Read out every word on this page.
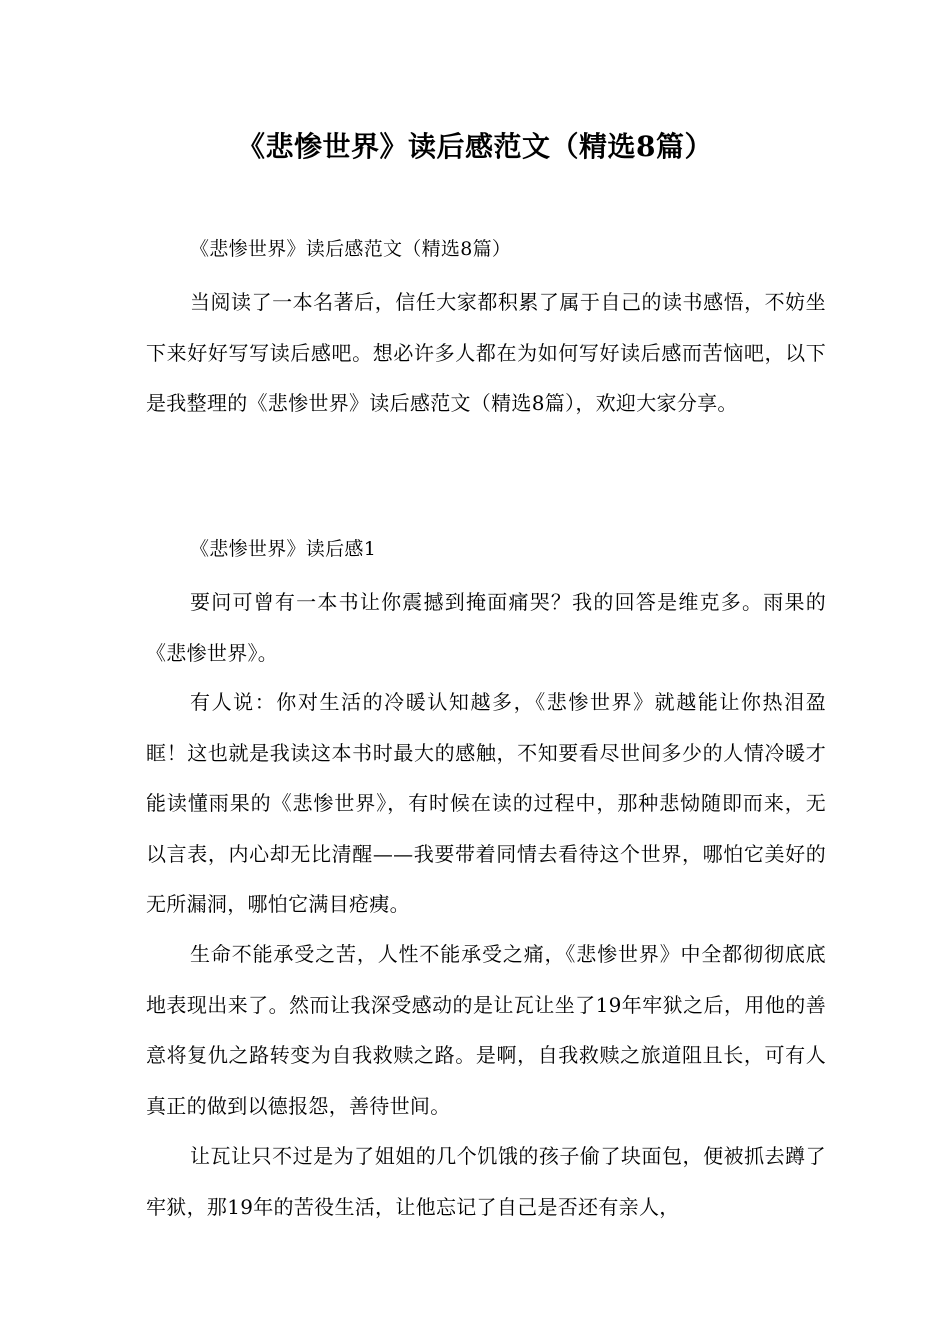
《悲惨世界》读后感范文（精选8篇）
《悲惨世界》读后感范文（精选8篇）
当阅读了一本名著后，信任大家都积累了属于自己的读书感悟，不妨坐下来好好写写读后感吧。想必许多人都在为如何写好读后感而苦恼吧，以下是我整理的《悲惨世界》读后感范文（精选8篇），欢迎大家分享。
《悲惨世界》读后感1
要问可曾有一本书让你震撼到掩面痛哭？我的回答是维克多。雨果的《悲惨世界》。
有人说：你对生活的冷暖认知越多，《悲惨世界》就越能让你热泪盈眶！这也就是我读这本书时最大的感触，不知要看尽世间多少的人情冷暖才能读懂雨果的《悲惨世界》，有时候在读的过程中，那种悲恸随即而来，无以言表，内心却无比清醒——我要带着同情去看待这个世界，哪怕它美好的无所漏洞，哪怕它满目疮痍。
生命不能承受之苦，人性不能承受之痛，《悲惨世界》中全都彻彻底底地表现出来了。然而让我深受感动的是让瓦让坐了19年牢狱之后，用他的善意将复仇之路转变为自我救赎之路。是啊，自我救赎之旅道阻且长，可有人真正的做到以德报怨，善待世间。
让瓦让只不过是为了姐姐的几个饥饿的孩子偷了块面包，便被抓去蹲了牢狱，那19年的苦役生活，让他忘记了自己是否还有亲人，
